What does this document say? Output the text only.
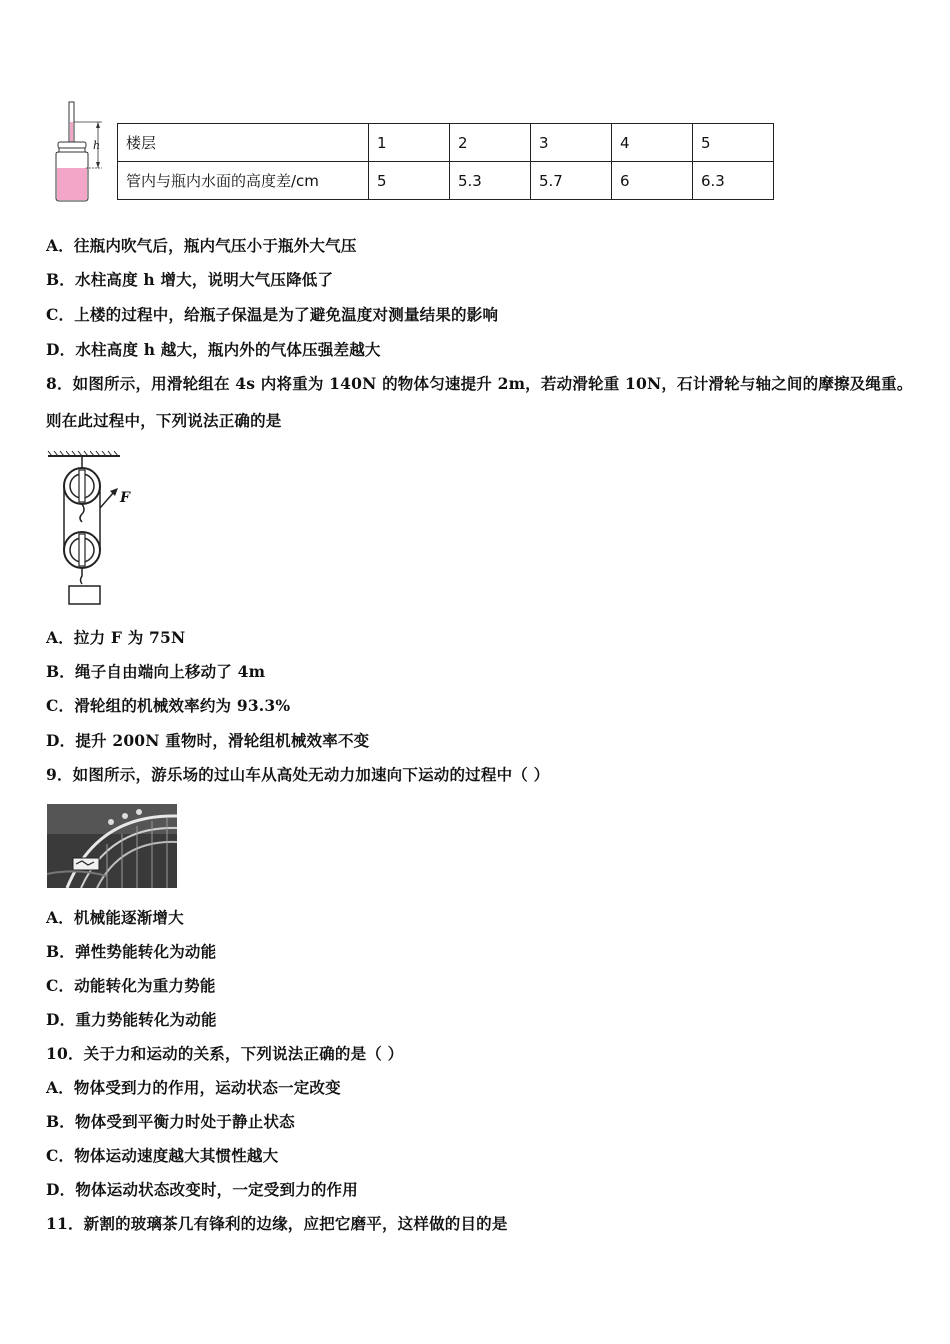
h 楼层	1	2	3	4	5
管内与瓶内水面的高度差/cm	5	5.3	5.7	6	6.3
A．往瓶内吹气后，瓶内气压小于瓶外大气压
B．水柱高度 h 增大，说明大气压降低了
C．上楼的过程中，给瓶子保温是为了避免温度对测量结果的影响
D．水柱高度 h 越大，瓶内外的气体压强差越大
8．如图所示，用滑轮组在 4s 内将重为 140N 的物体匀速提升 2m，若动滑轮重 10N，石计滑轮与轴之间的摩擦及绳重。
则在此过程中，下列说法正确的是
F
A．拉力 F 为 75N
B．绳子自由端向上移动了 4m
C．滑轮组的机械效率约为 93.3%
D．提升 200N 重物时，滑轮组机械效率不变
9．如图所示，游乐场的过山车从高处无动力加速向下运动的过程中（ ）
A．机械能逐渐增大
B．弹性势能转化为动能
C．动能转化为重力势能
D．重力势能转化为动能
10．关于力和运动的关系，下列说法正确的是（ ）
A．物体受到力的作用，运动状态一定改变
B．物体受到平衡力时处于静止状态
C．物体运动速度越大其惯性越大
D．物体运动状态改变时，一定受到力的作用
11．新割的玻璃茶几有锋利的边缘，应把它磨平，这样做的目的是
